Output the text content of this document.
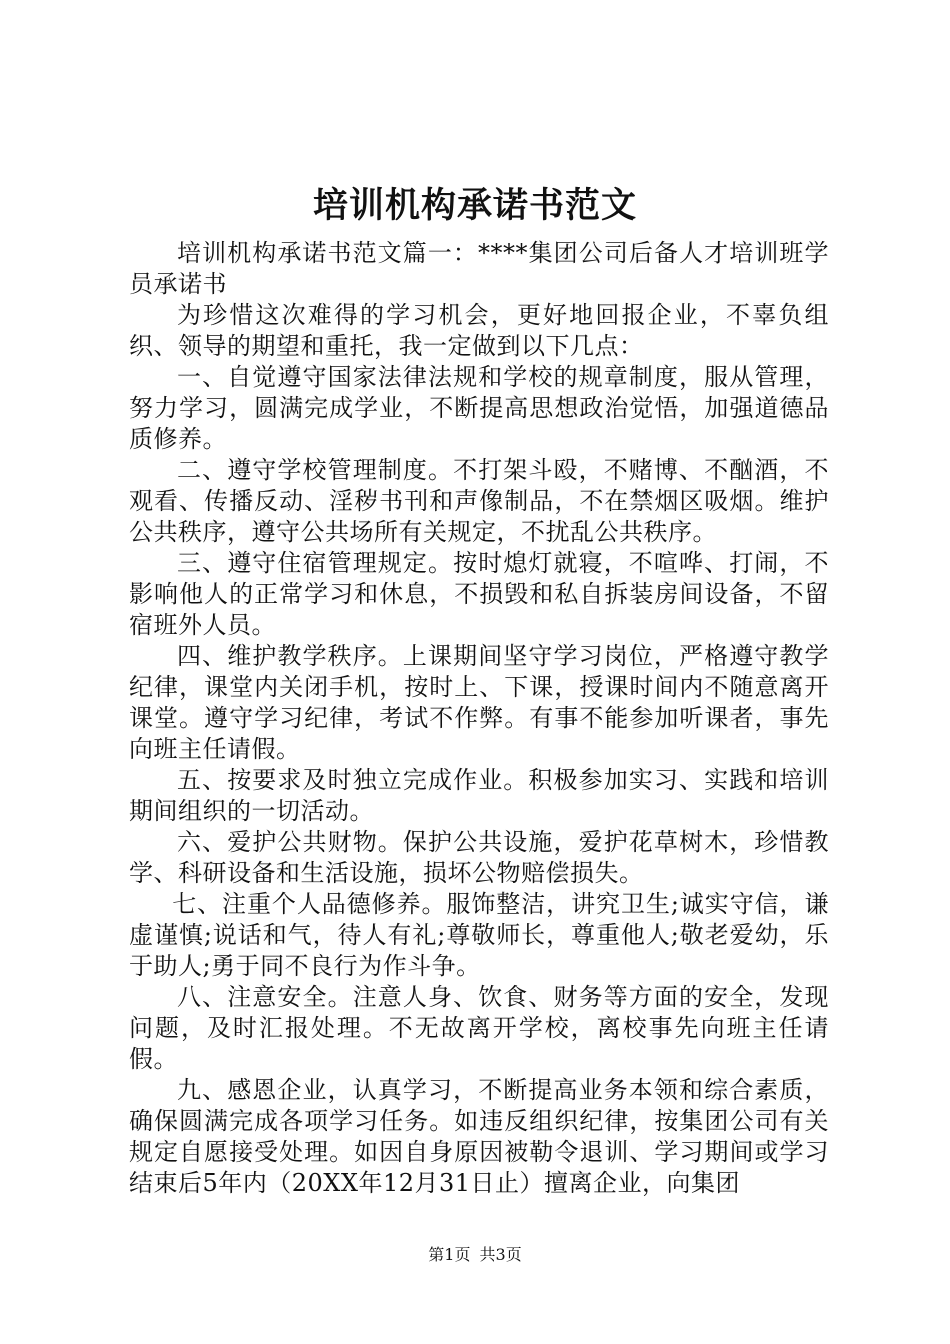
培训机构承诺书范文

培训机构承诺书范文篇一：****集团公司后备人才培训班学员承诺书

为珍惜这次难得的学习机会，更好地回报企业，不辜负组织、领导的期望和重托，我一定做到以下几点：

一、自觉遵守国家法律法规和学校的规章制度，服从管理，努力学习，圆满完成学业，不断提高思想政治觉悟，加强道德品质修养。

二、遵守学校管理制度。不打架斗殴，不赌博、不酗酒，不观看、传播反动、淫秽书刊和声像制品，不在禁烟区吸烟。维护公共秩序，遵守公共场所有关规定，不扰乱公共秩序。

三、遵守住宿管理规定。按时熄灯就寝，不喧哗、打闹，不影响他人的正常学习和休息，不损毁和私自拆装房间设备，不留宿班外人员。

四、维护教学秩序。上课期间坚守学习岗位，严格遵守教学纪律，课堂内关闭手机，按时上、下课，授课时间内不随意离开课堂。遵守学习纪律，考试不作弊。有事不能参加听课者，事先向班主任请假。

五、按要求及时独立完成作业。积极参加实习、实践和培训期间组织的一切活动。

六、爱护公共财物。保护公共设施，爱护花草树木，珍惜教学、科研设备和生活设施，损坏公物赔偿损失。

七、注重个人品德修养。服饰整洁，讲究卫生;诚实守信，谦虚谨慎;说话和气，待人有礼;尊敬师长，尊重他人;敬老爱幼，乐于助人;勇于同不良行为作斗争。

八、注意安全。注意人身、饮食、财务等方面的安全，发现问题，及时汇报处理。不无故离开学校，离校事先向班主任请假。

九、感恩企业，认真学习，不断提高业务本领和综合素质，确保圆满完成各项学习任务。如违反组织纪律，按集团公司有关规定自愿接受处理。如因自身原因被勒令退训、学习期间或学习结束后5年内（20XX年12月31日止）擅离企业，向集团

第1页 共3页
